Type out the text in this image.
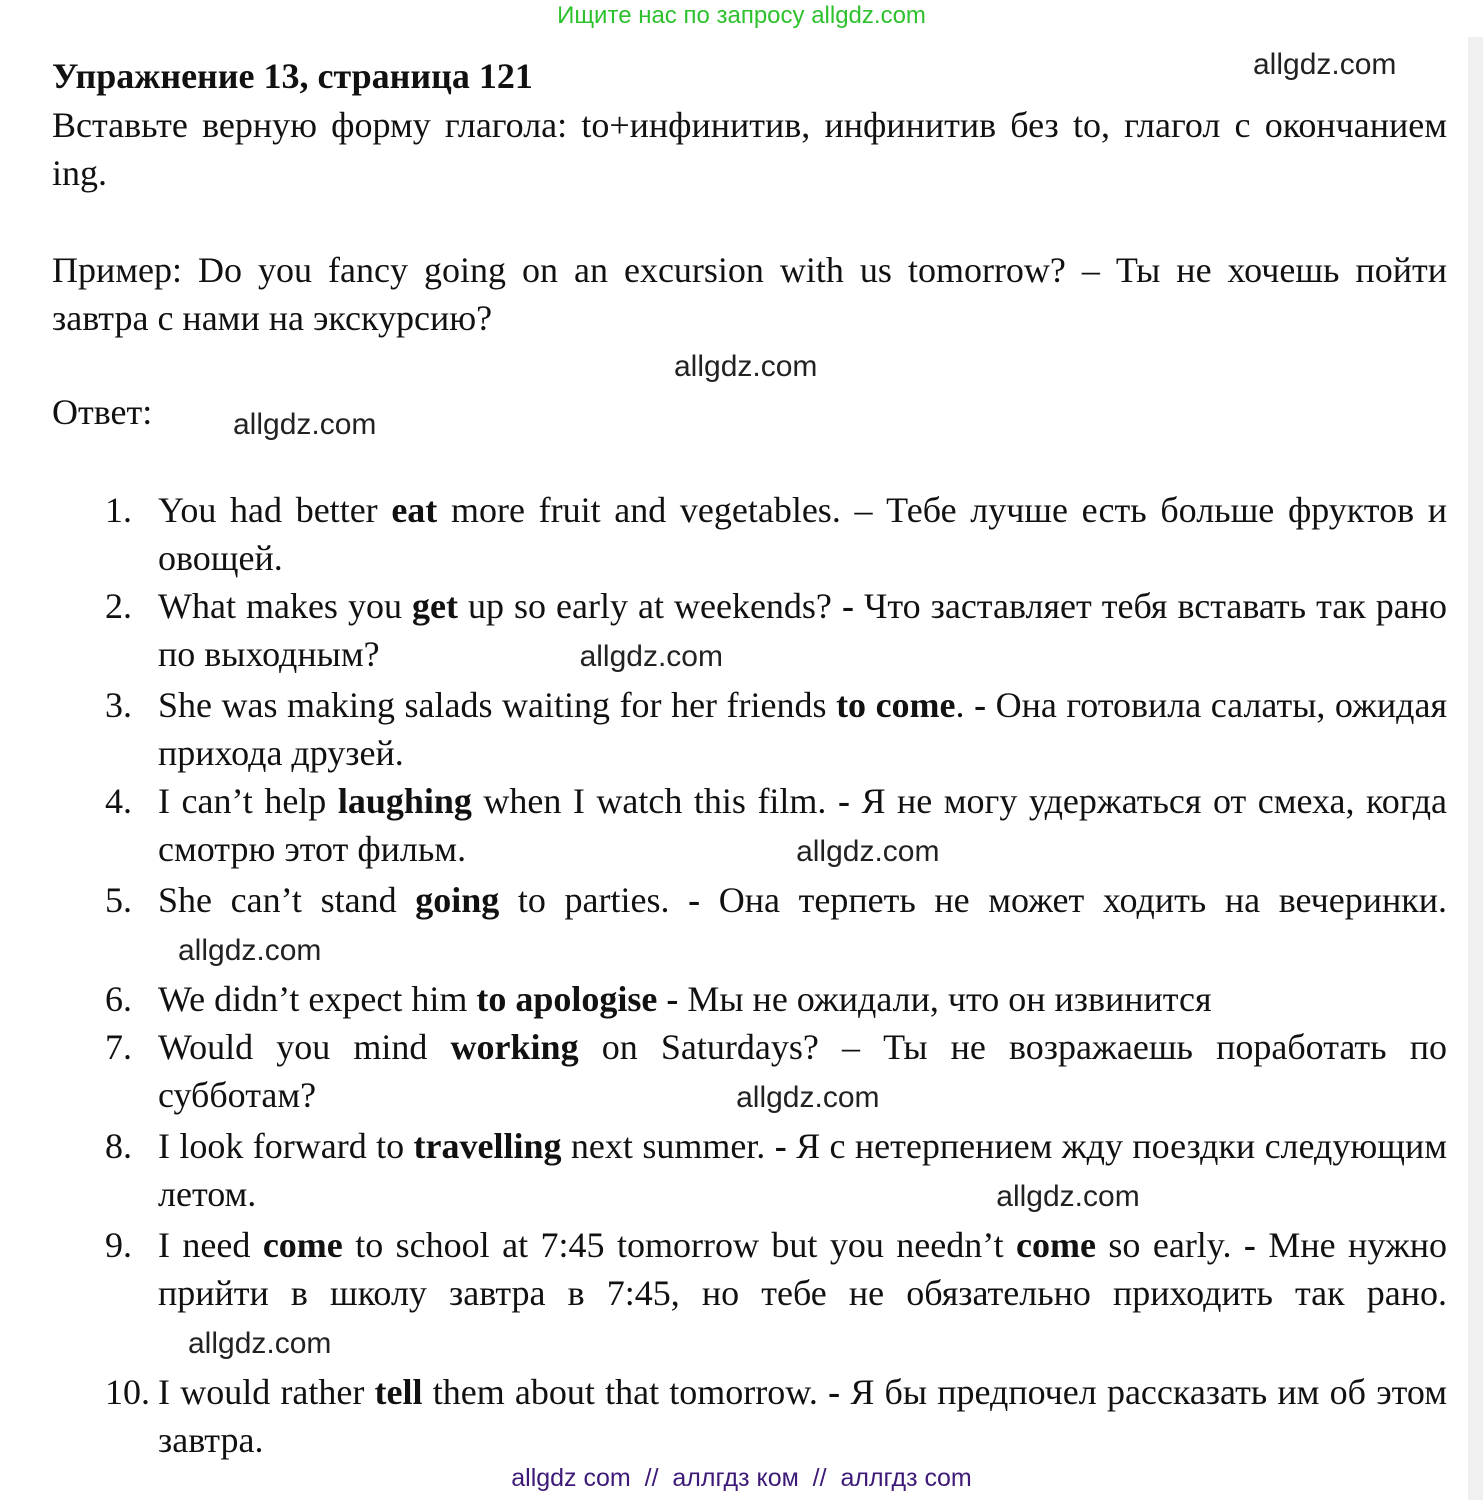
Ищите нас по запросу allgdz.com
Упражнение 13, страница 121
Вставьте верную форму глагола: to+инфинитив, инфинитив без to, глагол с окончанием ing.
Пример: Do you fancy going on an excursion with us tomorrow? – Ты не хочешь пойти завтра с нами на экскурсию?
Ответ:
1. You had better eat more fruit and vegetables. – Тебе лучше есть больше фруктов и овощей.
2. What makes you get up so early at weekends? - Что заставляет тебя вставать так рано по выходным?	allgdz.com
3. She was making salads waiting for her friends to come. - Она готовила салаты, ожидая прихода друзей.
4. I can’t help laughing when I watch this film. - Я не могу удержаться от смеха, когда смотрю этот фильм.	allgdz.com
5. She can’t stand going to parties. - Она терпеть не может ходить на вечеринки.allgdz.com
6. We didn’t expect him to apologise - Мы не ожидали, что он извинится
7. Would you mind working on Saturdays? – Ты не возражаешь поработать по субботам?	allgdz.com
8. I look forward to travelling next summer. - Я с нетерпением жду поездки следующим летом.	allgdz.com
9. I need come to school at 7:45 tomorrow but you needn’t come so early. - Мне нужно прийти в школу завтра в 7:45, но тебе не обязательно приходить так рано.allgdz.com
10. I would rather tell them about that tomorrow. - Я бы предпочел рассказать им об этом завтра.
allgdz.com
allgdz.com
allgdz.com
allgdz com  //  аллгдз ком  //  аллгдз com
